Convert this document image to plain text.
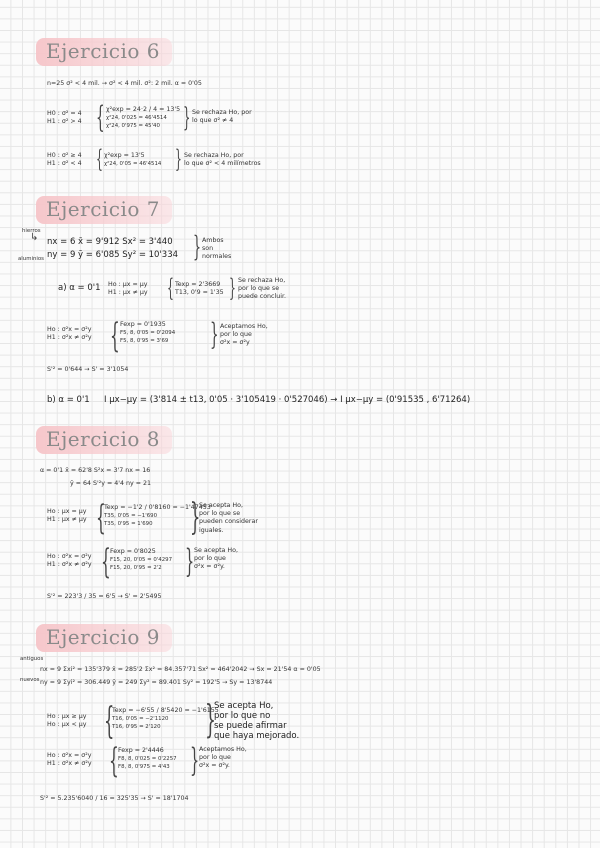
Ejercicio 6
n=25 σ² < 4 mil. → σ² < 4 mil. σ²: 2 mil. α = 0'05
H0 : σ² = 4
H1 : σ² > 4 { χ²exp = 24·2 / 4 = 13'5
χ²24, 0'025 = 46'4514
χ²24, 0'975 = 45'40 } Se rechaza Ho, por
lo que σ² ≠ 4
H0 : σ² ≥ 4
H1 : σ² < 4 { χ²exp = 13'5
χ²24, 0'05 = 46'4514 } Se rechaza Ho, por
lo que σ² < 4 milímetros
Ejercicio 7
hierros
aluminios
↳ nx = 6 x̄ = 9'912 Sx² = 3'440
ny = 9 ȳ = 6'085 Sy² = 10'334 } Ambos
son
normales
a) α = 0'1 Ho : μx = μy
H1 : μx ≠ μy { Texp = 2'3669
T13, 0'9 = 1'35 } Se rechaza Ho,
por lo que se
puede concluir.
Ho : σ²x = σ²y
H1 : σ²x ≠ σ²y { Fexp = 0'1935
F5, 8, 0'05 = 0'2094
F5, 8, 0'95 = 3'69 } Aceptamos Ho,
por lo que
σ²x = σ²y
S'² = 0'644 → S' = 3'1054
b) α = 0'1 I μx−μy = (3'814 ± t13, 0'05 · 3'105419 · 0'527046) → I μx−μy = (0'91535 , 6'71264)
Ejercicio 8
α = 0'1 x̄ = 62'8 S²x = 3'7 nx = 16
ȳ = 64 S'²y = 4'4 ny = 21
Ho : μx = μy
H1 : μx ≠ μy {
Texp = −1'2 / 0'8160 = −1'47453
T35, 0'05 = −1'690
T35, 0'95 = 1'690	}
Se acepta Ho,
por lo que se
pueden considerar
iguales.
Ho : σ²x = σ²y
H1 : σ²x ≠ σ²y { Fexp = 0'8025
F15, 20, 0'05 = 0'4297
F15, 20, 0'95 = 2'2 } Se acepta Ho,
por lo que
σ²x = σ²y.
S'² = 223'3 / 35 = 6'5 → S' = 2'5495
Ejercicio 9
antiguos
nuevos
nx = 9 Σxi² = 135'379 x̄ = 285'2 Σx² = 84.357'71 Sx² = 464'2042 → Sx = 21'54 α = 0'05
ny = 9 Σyi² = 306.449 ȳ = 249 Σy² = 89.401 Sy² = 192'5 → Sy = 13'8744
Ho : μx ≥ μy
Ho : μx < μy {
Texp = −6'55 / 8'5420 = −1'6155
T16, 0'05 = −2'1120
T16, 0'95 = 2'120	}
Se acepta Ho,
por lo que no
se puede afirmar
que haya mejorado.
Ho : σ²x = σ²y
H1 : σ²x ≠ σ²y { Fexp = 2'4446
F8, 8, 0'025 = 0'2257
F8, 8, 0'975 = 4'43 } Aceptamos Ho,
por lo que
σ²x = σ²y.
S'² = 5.235'6040 / 16 = 325'35 → S' = 18'1704
